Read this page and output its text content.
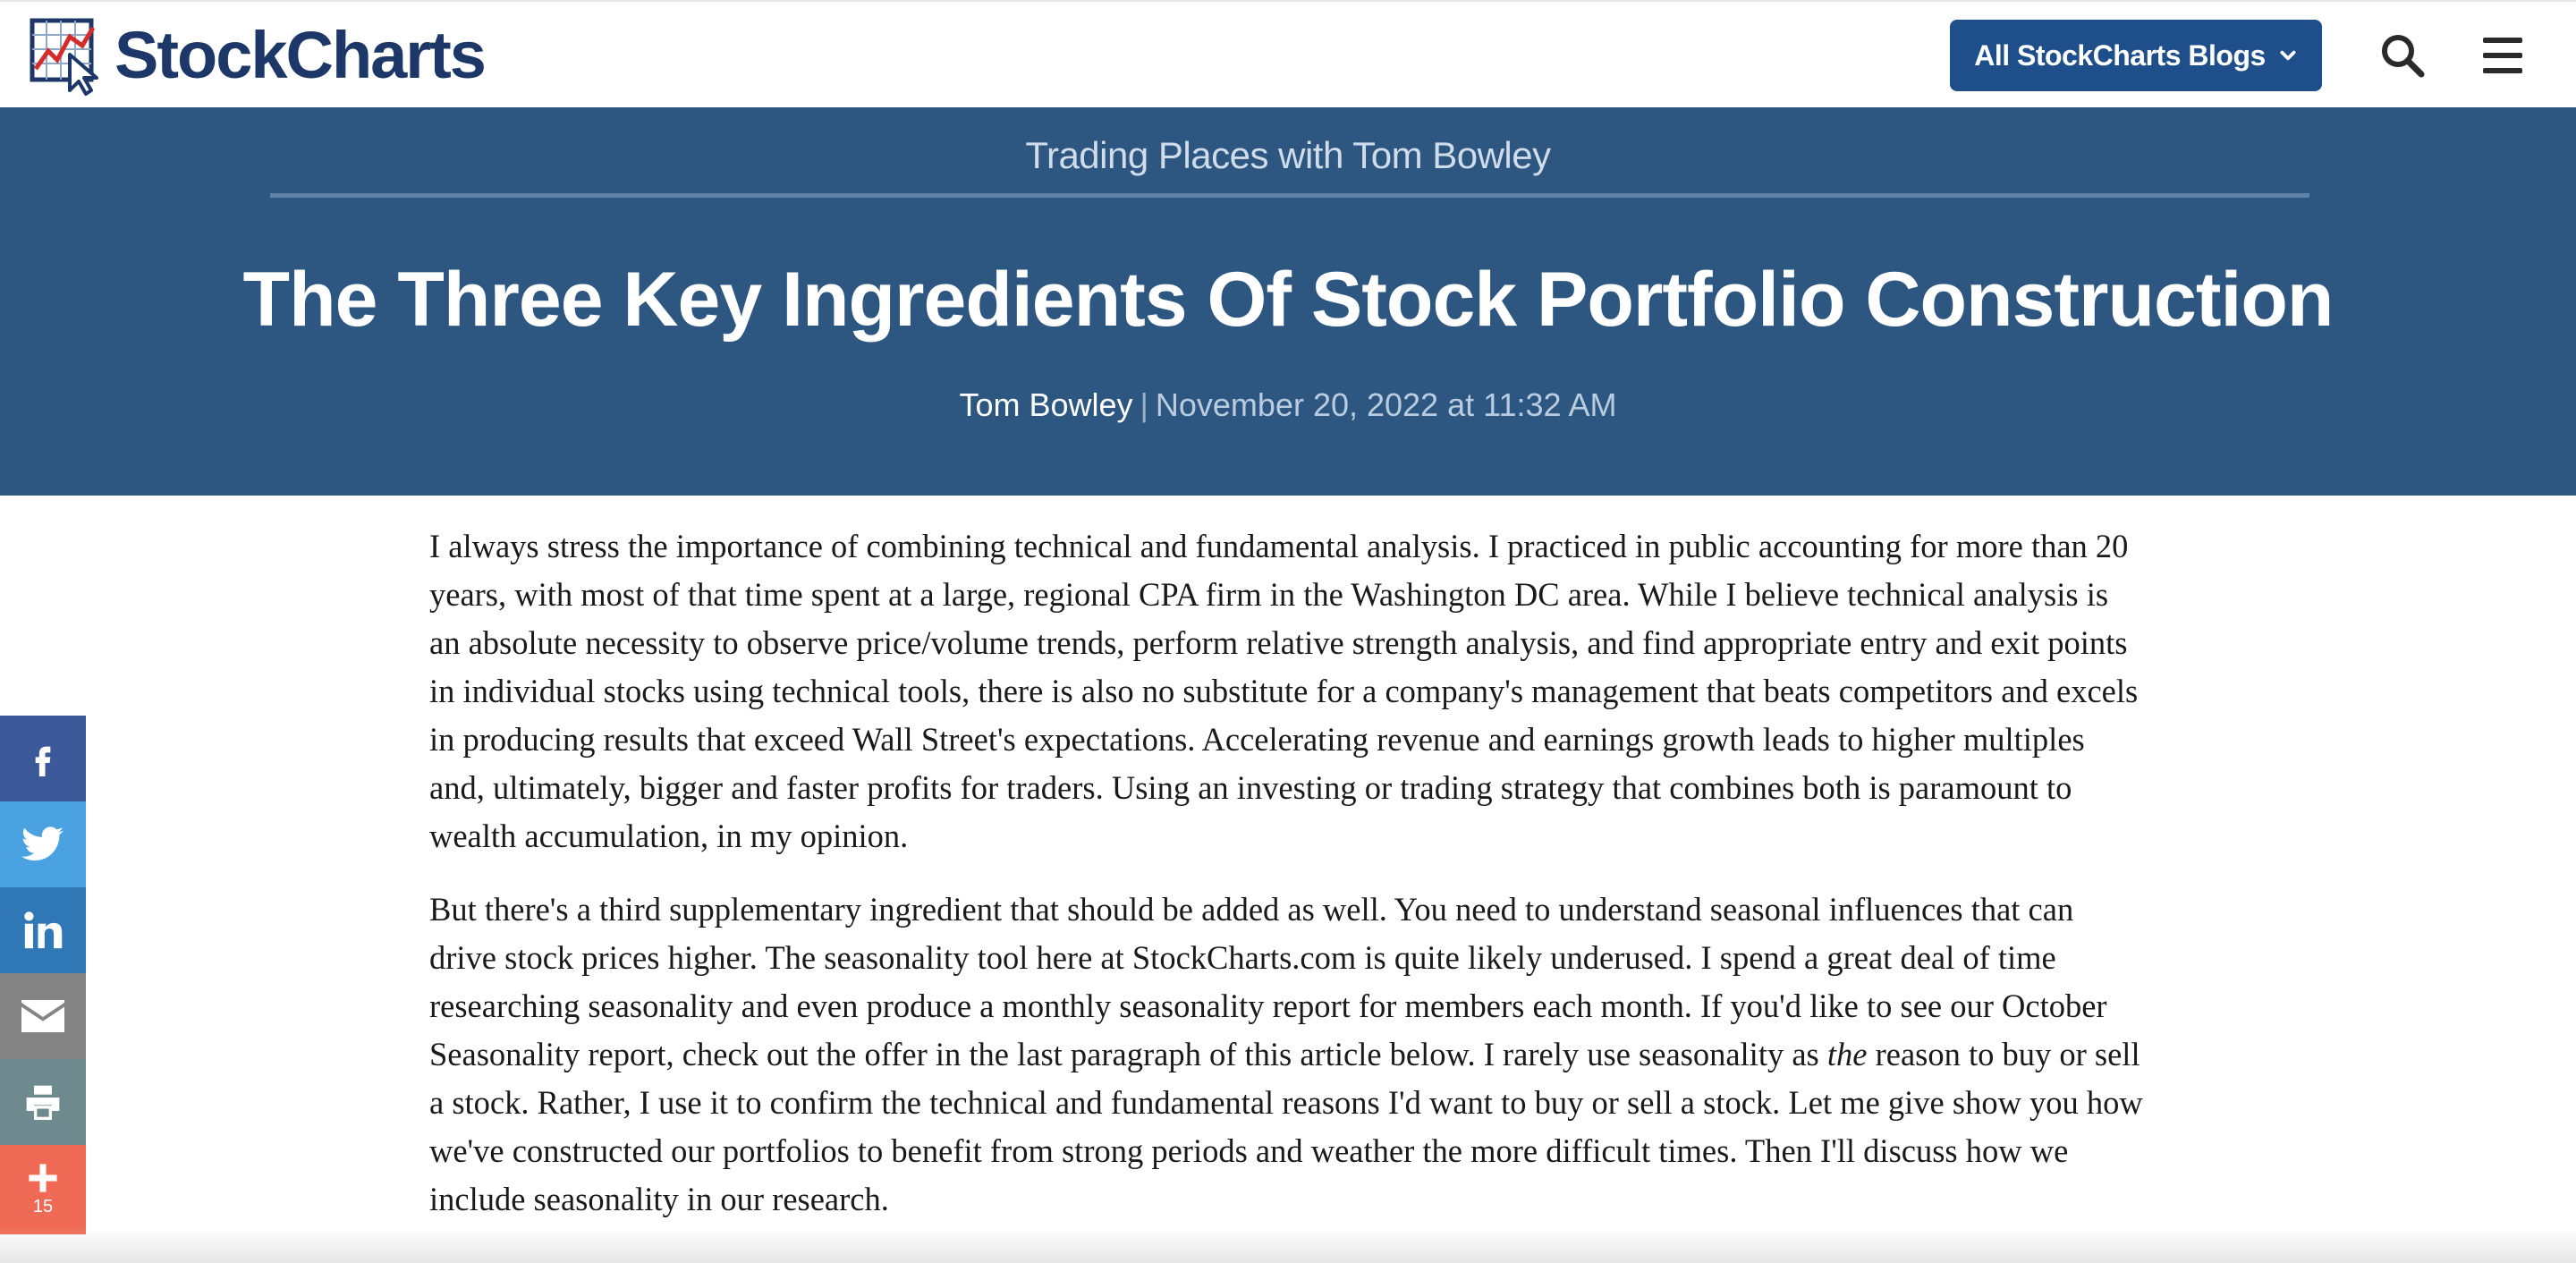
StockCharts	All StockCharts Blogs
Trading Places with Tom Bowley
The Three Key Ingredients Of Stock Portfolio Construction
Tom Bowley | November 20, 2022 at 11:32 AM

I always stress the importance of combining technical and fundamental analysis. I practiced in public accounting for more than 20 years, with most of that time spent at a large, regional CPA firm in the Washington DC area. While I believe technical analysis is an absolute necessity to observe price/volume trends, perform relative strength analysis, and find appropriate entry and exit points in individual stocks using technical tools, there is also no substitute for a company's management that beats competitors and excels in producing results that exceed Wall Street's expectations. Accelerating revenue and earnings growth leads to higher multiples and, ultimately, bigger and faster profits for traders. Using an investing or trading strategy that combines both is paramount to wealth accumulation, in my opinion.

But there's a third supplementary ingredient that should be added as well. You need to understand seasonal influences that can drive stock prices higher. The seasonality tool here at StockCharts.com is quite likely underused. I spend a great deal of time researching seasonality and even produce a monthly seasonality report for members each month. If you'd like to see our October Seasonality report, check out the offer in the last paragraph of this article below. I rarely use seasonality as the reason to buy or sell a stock. Rather, I use it to confirm the technical and fundamental reasons I'd want to buy or sell a stock. Let me give show you how we've constructed our portfolios to benefit from strong periods and weather the more difficult times. Then I'll discuss how we include seasonality in our research.

15
